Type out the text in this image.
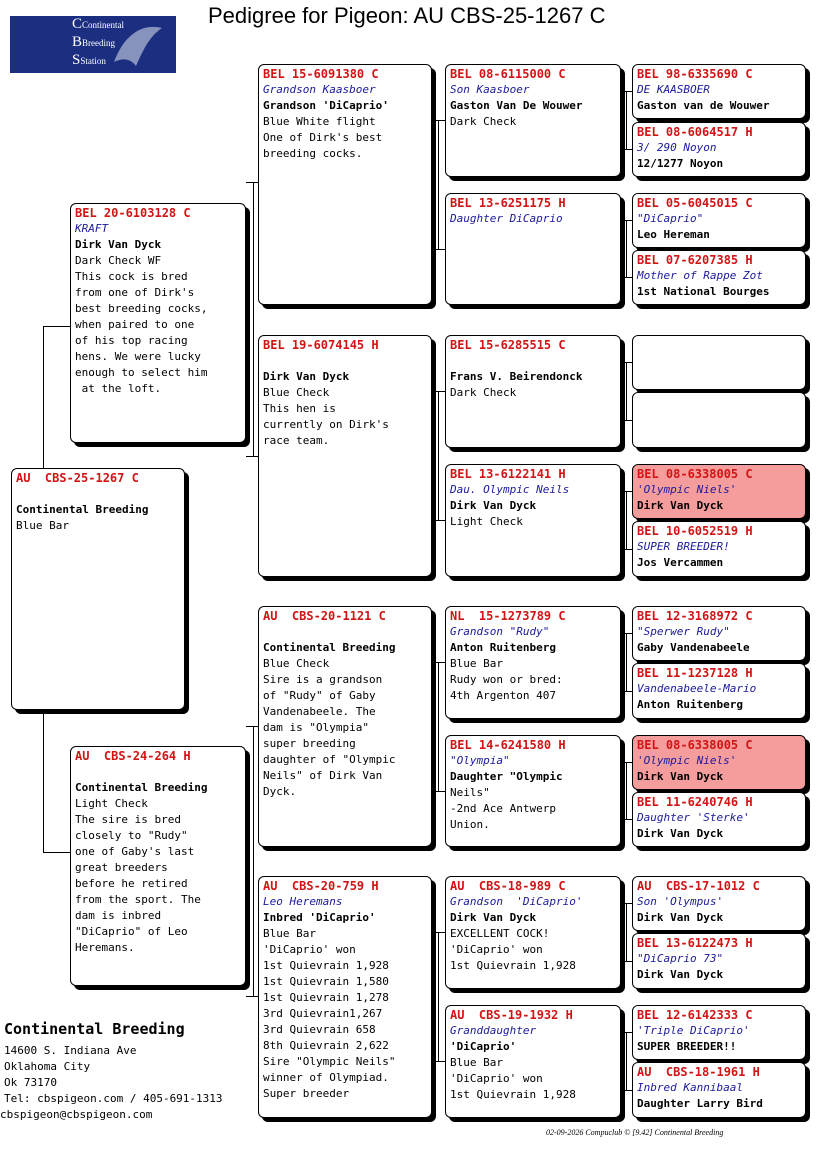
CContinental
BBreeding
SStation
Pedigree for Pigeon: AU CBS-25-1267 C
AU  CBS-25-1267 C
Continental Breeding
Blue Bar
BEL 20-6103128 C
KRAFT
Dirk Van Dyck
Dark Check WF
This cock is bred
from one of Dirk's
best breeding cocks,
when paired to one
of his top racing
hens. We were lucky
enough to select him
at the loft.
AU  CBS-24-264 H
Continental Breeding
Light Check
The sire is bred
closely to "Rudy"
one of Gaby's last
great breeders
before he retired
from the sport. The
dam is inbred
"DiCaprio" of Leo
Heremans.
BEL 15-6091380 C
Grandson Kaasboer
Grandson 'DiCaprio'
Blue White flight
One of Dirk's best
breeding cocks.
BEL 19-6074145 H
Dirk Van Dyck
Blue Check
This hen is
currently on Dirk's
race team.
AU  CBS-20-1121 C
Continental Breeding
Blue Check
Sire is a grandson
of "Rudy" of Gaby
Vandenabeele. The
dam is "Olympia"
super breeding
daughter of "Olympic
Neils" of Dirk Van
Dyck.
AU  CBS-20-759 H
Leo Heremans
Inbred 'DiCaprio'
Blue Bar
'DiCaprio' won
1st Quievrain 1,928
1st Quievrain 1,580
1st Quievrain 1,278
3rd Quievrain1,267
3rd Quievrain 658
8th Quievrain 2,622
Sire "Olympic Neils"
winner of Olympiad.
Super breeder
BEL 08-6115000 C
Son Kaasboer
Gaston Van De Wouwer
Dark Check
BEL 13-6251175 H
Daughter DiCaprio
BEL 15-6285515 C
Frans V. Beirendonck
Dark Check
BEL 13-6122141 H
Dau. Olympic Neils
Dirk Van Dyck
Light Check
NL  15-1273789 C
Grandson "Rudy"
Anton Ruitenberg
Blue Bar
Rudy won or bred:
4th Argenton 407
BEL 14-6241580 H
"Olympia"
Daughter "Olympic
Neils"
-2nd Ace Antwerp
Union.
AU  CBS-18-989 C
Grandson  'DiCaprio'
Dirk Van Dyck
EXCELLENT COCK!
'DiCaprio' won
1st Quievrain 1,928
AU  CBS-19-1932 H
Granddaughter
'DiCaprio'
Blue Bar
'DiCaprio' won
1st Quievrain 1,928
BEL 98-6335690 C
DE KAASBOER
Gaston van de Wouwer
BEL 08-6064517 H
3/ 290 Noyon
12/1277 Noyon
BEL 05-6045015 C
"DiCaprio"
Leo Hereman
BEL 07-6207385 H
Mother of Rappe Zot
1st National Bourges
BEL 08-6338005 C
'Olympic Niels'
Dirk Van Dyck
BEL 10-6052519 H
SUPER BREEDER!
Jos Vercammen
BEL 12-3168972 C
"Sperwer Rudy"
Gaby Vandenabeele
BEL 11-1237128 H
Vandenabeele-Mario
Anton Ruitenberg
BEL 08-6338005 C
'Olympic Niels'
Dirk Van Dyck
BEL 11-6240746 H
Daughter 'Sterke'
Dirk Van Dyck
AU  CBS-17-1012 C
Son 'Olympus'
Dirk Van Dyck
BEL 13-6122473 H
"DiCaprio 73"
Dirk Van Dyck
BEL 12-6142333 C
'Triple DiCaprio'
SUPER BREEDER!!
AU  CBS-18-1961 H
Inbred Kannibaal
Daughter Larry Bird
Continental Breeding
14600 S. Indiana Ave
Oklahoma City
Ok 73170
Tel: cbspigeon.com / 405-691-1313
cbspigeon@cbspigeon.com
02-09-2026 Compuclub © [9.42] Continental Breeding
